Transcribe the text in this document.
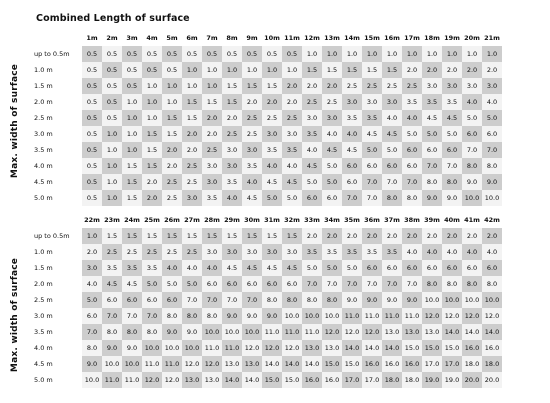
Combined Length of surface
Max. width of surface
Max. width of surface
	1m	2m	3m	4m	5m	6m	7m	8m	9m	10m	11m	12m	13m	14m	15m	16m	17m	18m	19m	20m	21m
up to 0.5m	0.5	0.5	0.5	0.5	0.5	0.5	0.5	0.5	0.5	0.5	0.5	1.0	1.0	1.0	1.0	1.0	1.0	1.0	1.0	1.0	1.0
1.0 m	0.5	0.5	0.5	0.5	0.5	1.0	1.0	1.0	1.0	1.0	1.0	1.5	1.5	1.5	1.5	1.5	2.0	2.0	2.0	2.0	2.0
1.5 m	0.5	0.5	0.5	1.0	1.0	1.0	1.0	1.5	1.5	1.5	2.0	2.0	2.0	2.5	2.5	2.5	2.5	3.0	3.0	3.0	3.0
2.0 m	0.5	0.5	1.0	1.0	1.0	1.5	1.5	1.5	2.0	2.0	2.0	2.5	2.5	3.0	3.0	3.0	3.5	3.5	3.5	4.0	4.0
2.5 m	0.5	0.5	1.0	1.0	1.5	1.5	2.0	2.0	2.5	2.5	2.5	3.0	3.0	3.5	3.5	4.0	4.0	4.5	4.5	5.0	5.0
3.0 m	0.5	1.0	1.0	1.5	1.5	2.0	2.0	2.5	2.5	3.0	3.0	3.5	4.0	4.0	4.5	4.5	5.0	5.0	5.0	6.0	6.0
3.5 m	0.5	1.0	1.0	1.5	2.0	2.0	2.5	3.0	3.0	3.5	3.5	4.0	4.5	4.5	5.0	5.0	6.0	6.0	6.0	7.0	7.0
4.0 m	0.5	1.0	1.5	1.5	2.0	2.5	3.0	3.0	3.5	4.0	4.0	4.5	5.0	6.0	6.0	6.0	6.0	7.0	7.0	8.0	8.0
4.5 m	0.5	1.0	1.5	2.0	2.5	2.5	3.0	3.5	4.0	4.5	4.5	5.0	5.0	6.0	7.0	7.0	7.0	8.0	8.0	9.0	9.0
5.0 m	0.5	1.0	1.5	2.0	2.5	3.0	3.5	4.0	4.5	5.0	5.0	6.0	6.0	7.0	7.0	8.0	8.0	9.0	9.0	10.0	10.0
	22m	23m	24m	25m	26m	27m	28m	29m	30m	31m	32m	33m	34m	35m	36m	37m	38m	39m	40m	41m	42m
up to 0.5m	1.0	1.5	1.5	1.5	1.5	1.5	1.5	1.5	1.5	1.5	1.5	2.0	2.0	2.0	2.0	2.0	2.0	2.0	2.0	2.0	2.0
1.0 m	2.0	2.5	2.5	2.5	2.5	2.5	3.0	3.0	3.0	3.0	3.0	3.5	3.5	3.5	3.5	3.5	4.0	4.0	4.0	4.0	4.0
1.5 m	3.0	3.5	3.5	3.5	4.0	4.0	4.0	4.5	4.5	4.5	4.5	5.0	5.0	5.0	6.0	6.0	6.0	6.0	6.0	6.0	6.0
2.0 m	4.0	4.5	4.5	5.0	5.0	5.0	6.0	6.0	6.0	6.0	6.0	7.0	7.0	7.0	7.0	7.0	7.0	8.0	8.0	8.0	8.0
2.5 m	5.0	6.0	6.0	6.0	6.0	7.0	7.0	7.0	7.0	8.0	8.0	8.0	8.0	9.0	9.0	9.0	9.0	10.0	10.0	10.0	10.0
3.0 m	6.0	7.0	7.0	7.0	8.0	8.0	8.0	9.0	9.0	9.0	10.0	10.0	10.0	11.0	11.0	11.0	11.0	12.0	12.0	12.0	12.0
3.5 m	7.0	8.0	8.0	8.0	9.0	9.0	10.0	10.0	10.0	11.0	11.0	11.0	12.0	12.0	12.0	13.0	13.0	13.0	14.0	14.0	14.0
4.0 m	8.0	9.0	9.0	10.0	10.0	10.0	11.0	11.0	12.0	12.0	12.0	13.0	13.0	14.0	14.0	14.0	15.0	15.0	15.0	16.0	16.0
4.5 m	9.0	10.0	10.0	11.0	11.0	12.0	12.0	13.0	13.0	14.0	14.0	14.0	15.0	15.0	16.0	16.0	16.0	17.0	17.0	18.0	18.0
5.0 m	10.0	11.0	11.0	12.0	12.0	13.0	13.0	14.0	14.0	15.0	15.0	16.0	16.0	17.0	17.0	18.0	18.0	19.0	19.0	20.0	20.0
